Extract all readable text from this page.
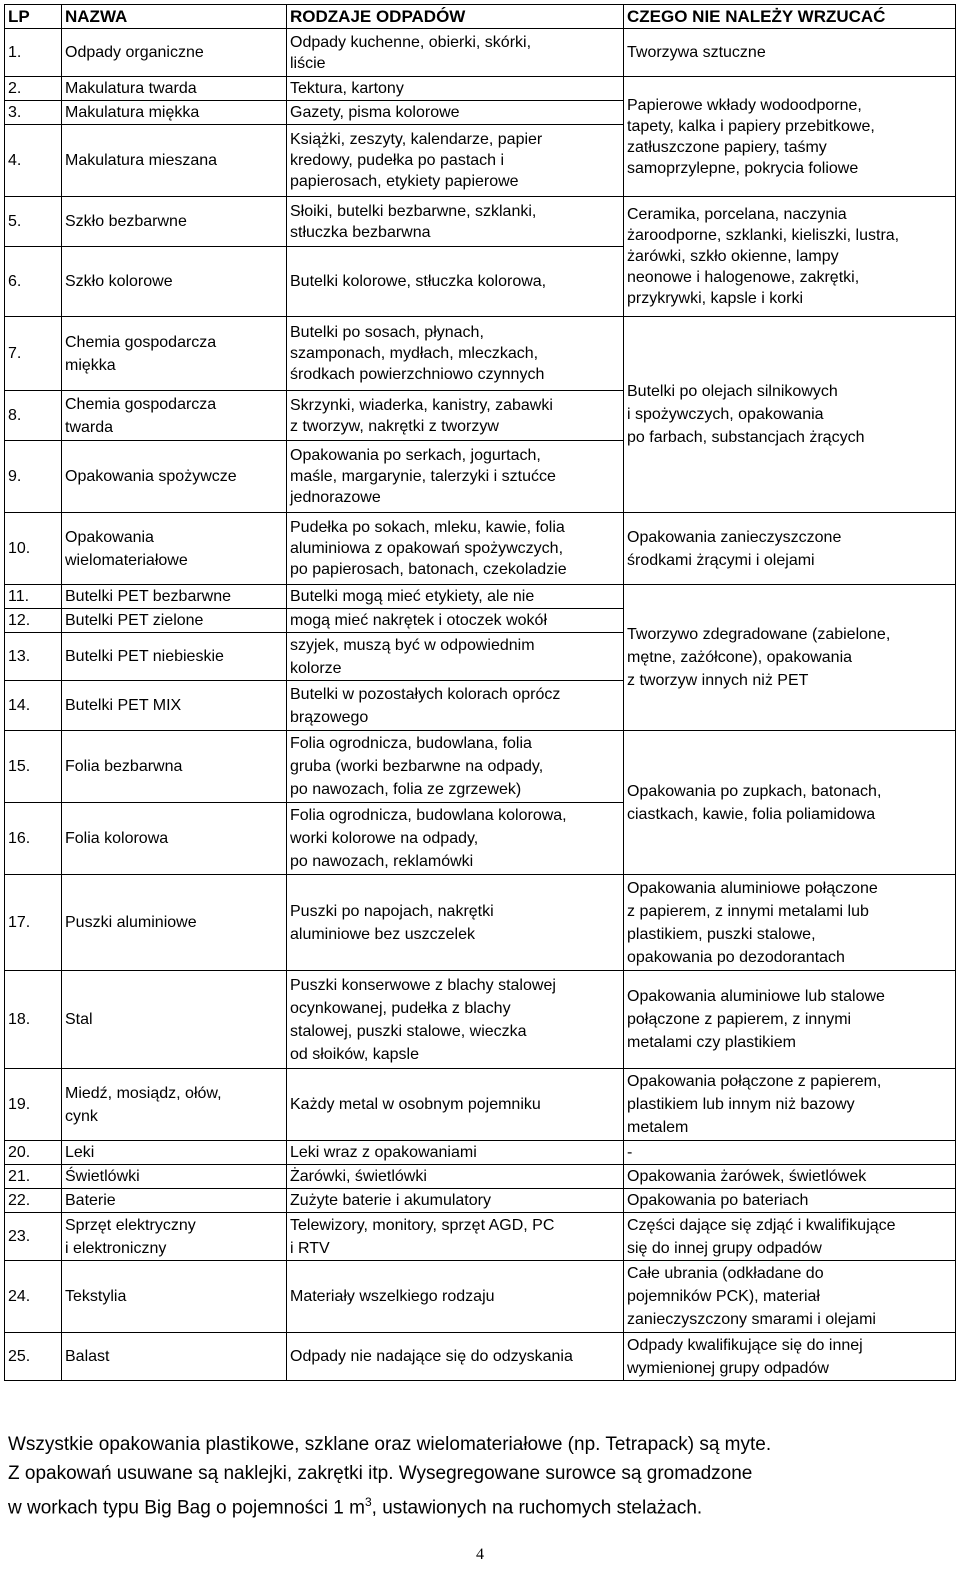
LP	NAZWA	RODZAJE ODPADÓW	CZEGO NIE NALEŻY WRZUCAĆ
1.	Odpady organiczne	Odpady kuchenne, obierki, skórki,
liście	Tworzywa sztuczne

2.	Makulatura twarda	Tektura, kartony	Papierowe wkłady wodoodporne,
tapety, kalka i papiery przebitkowe,
zatłuszczone papiery, taśmy
samoprzylepne, pokrycia foliowe

3.	Makulatura miękka	Gazety, pisma kolorowe	

4.	Makulatura mieszana	Książki, zeszyty, kalendarze, papier
kredowy, pudełka po pastach i
papierosach, etykiety papierowe	

5.	Szkło bezbarwne	Słoiki, butelki bezbarwne, szklanki,
stłuczka bezbarwna	Ceramika, porcelana, naczynia
żaroodporne, szklanki, kieliszki, lustra,
żarówki, szkło okienne, lampy
neonowe i halogenowe, zakrętki,
przykrywki, kapsle i korki

6.	Szkło kolorowe	Butelki kolorowe, stłuczka kolorowa,	

7.	Chemia gospodarcza
miękka	Butelki po sosach, płynach,
szamponach, mydłach, mleczkach,
środkach powierzchniowo czynnych	Butelki po olejach silnikowych
i spożywczych, opakowania
po farbach, substancjach żrących

8.	Chemia gospodarcza
twarda	Skrzynki, wiaderka, kanistry, zabawki
z tworzyw, nakrętki z tworzyw	

9.	Opakowania spożywcze	Opakowania po serkach, jogurtach,
maśle, margarynie, talerzyki i sztućce
jednorazowe	

10.	Opakowania
wielomateriałowe	Pudełka po sokach, mleku, kawie, folia
aluminiowa z opakowań spożywczych,
po papierosach, batonach, czekoladzie	Opakowania zanieczyszczone
środkami żrącymi i olejami

11.	Butelki PET bezbarwne	Butelki mogą mieć etykiety, ale nie	Tworzywo zdegradowane (zabielone,
mętne, zażółcone), opakowania
z tworzyw innych niż PET

12.	Butelki PET zielone	mogą mieć nakrętek i otoczek wokół	

13.	Butelki PET niebieskie	szyjek, muszą być w odpowiednim
kolorze	

14.	Butelki PET MIX	Butelki w pozostałych kolorach oprócz
brązowego	

15.	Folia bezbarwna	Folia ogrodnicza, budowlana, folia
gruba (worki bezbarwne na odpady,
po nawozach, folia ze zgrzewek)	Opakowania po zupkach, batonach,
ciastkach, kawie, folia poliamidowa

16.	Folia kolorowa	Folia ogrodnicza, budowlana kolorowa,
worki kolorowe na odpady,
po nawozach, reklamówki	

17.	Puszki aluminiowe	Puszki po napojach, nakrętki
aluminiowe bez uszczelek	Opakowania aluminiowe połączone
z papierem, z innymi metalami lub
plastikiem, puszki stalowe,
opakowania po dezodorantach

18.	Stal	Puszki konserwowe z blachy stalowej
ocynkowanej, pudełka z blachy
stalowej, puszki stalowe, wieczka
od słoików, kapsle	Opakowania aluminiowe lub stalowe
połączone z papierem, z innymi
metalami czy plastikiem

19.	Miedź, mosiądz, ołów,
cynk	Każdy metal w osobnym pojemniku	Opakowania połączone z papierem,
plastikiem lub innym niż bazowy
metalem

20.	Leki	Leki wraz z opakowaniami	-

21.	Świetlówki	Żarówki, świetlówki	Opakowania żarówek, świetlówek

22.	Baterie	Zużyte baterie i akumulatory	Opakowania po bateriach

23.	Sprzęt elektryczny
i elektroniczny	Telewizory, monitory, sprzęt AGD, PC
i RTV	Części dające się zdjąć i kwalifikujące
się do innej grupy odpadów

24.	Tekstylia	Materiały wszelkiego rodzaju	Całe ubrania (odkładane do
pojemników PCK), materiał
zanieczyszczony smarami i olejami

25.	Balast	Odpady nie nadające się do odzyskania	Odpady kwalifikujące się do innej
wymienionej grupy odpadów

Wszystkie opakowania plastikowe, szklane oraz wielomateriałowe (np. Tetrapack) są myte.

Z opakowań usuwane są naklejki, zakrętki itp. Wysegregowane surowce są gromadzone

w workach typu Big Bag o pojemności 1 $m^3$, ustawionych na ruchomych stelażach.

4
